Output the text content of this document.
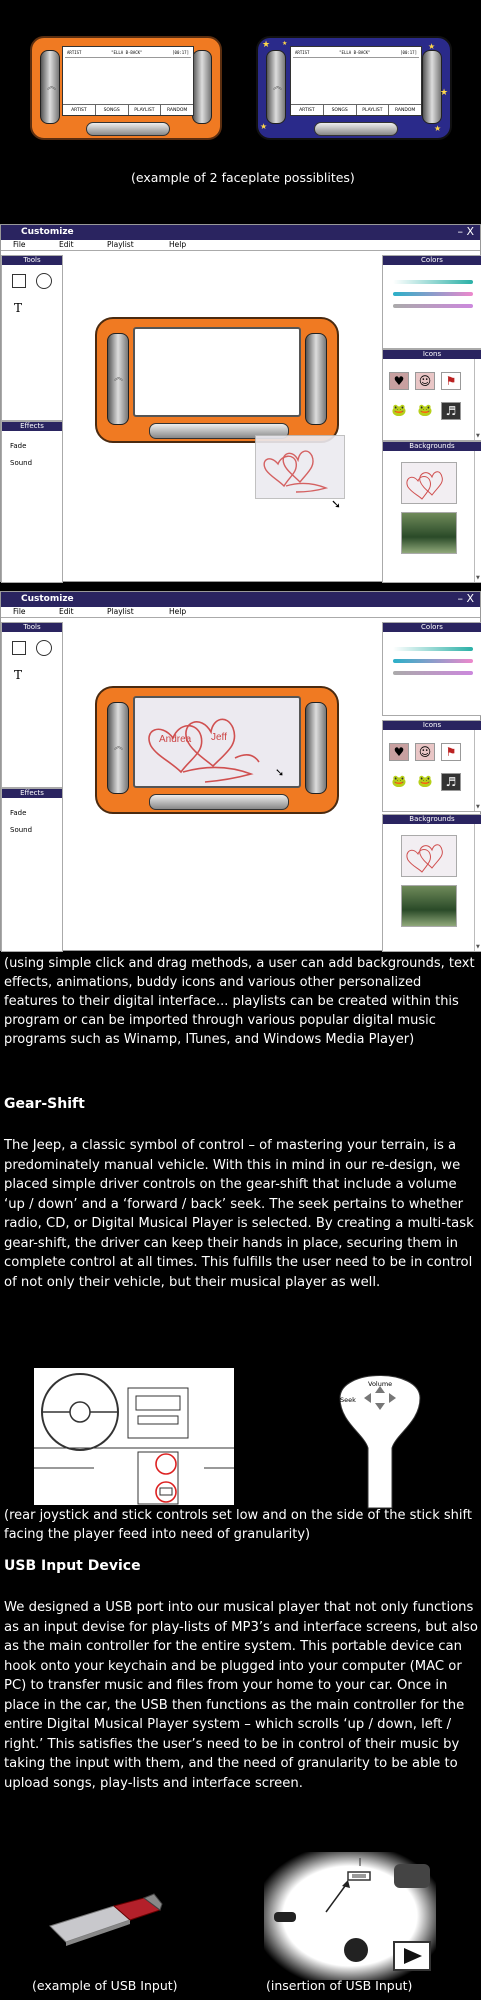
︽
ARTIST	"ELLA B-BACK"	[00:17]
ARTIST	SONGS	PLAYLIST	RANDOM
︽
ARTIST	"ELLA B-BACK"	[00:17]
ARTIST	SONGS	PLAYLIST	RANDOM
★	★
★
★	★
★
(example of 2 faceplate possiblites)
Customize	– X
File	Edit	Playlist	Help
Tools
T
Effects
Fade
Sound
︽
➘
Colors
Icons
♥	☺	⚑
🐸 🐸	♬
▼
Backgrounds
▼
Customize	– X
File	Edit	Playlist	Help
Tools
T
Effects
Fade
Sound
︽
Andrea Jeff
➘
Colors
Icons
♥	☺	⚑
🐸 🐸	♬
▼
Backgrounds
▼
(using simple click and drag methods, a user can add backgrounds, text effects, animations, buddy icons and various other personalized features to their digital interface... playlists can be created within this program or can be imported through various popular digital music programs such as Winamp, ITunes, and Windows Media Player)
Gear-Shift
The Jeep, a classic symbol of control – of mastering your terrain, is a predominately manual vehicle. With this in mind in our re-design, we placed simple driver controls on the gear-shift that include a volume ‘up / down’ and a ‘forward / back’ seek. The seek pertains to whether radio, CD, or Digital Musical Player is selected. By creating a multi-task gear-shift, the driver can keep their hands in place, securing them in complete control at all times. This fulfills the user need to be in control of not only their vehicle, but their musical player as well.
Volume
Seek
(rear joystick and stick controls set low and on the side of the stick shift facing the player feed into need of granularity)
USB Input Device
We designed a USB port into our musical player that not only functions as an input devise for play-lists of MP3’s and interface screens, but also as the main controller for the entire system. This portable device can hook onto your keychain and be plugged into your computer (MAC or PC) to transfer music and files from your home to your car. Once in place in the car, the USB then functions as the main controller for the entire Digital Musical Player system – which scrolls ‘up / down, left / right.’ This satisfies the user’s need to be in control of their music by taking the input with them, and the need of granularity to be able to upload songs, play-lists and interface screen.
(example of USB Input)	(insertion of USB Input)
